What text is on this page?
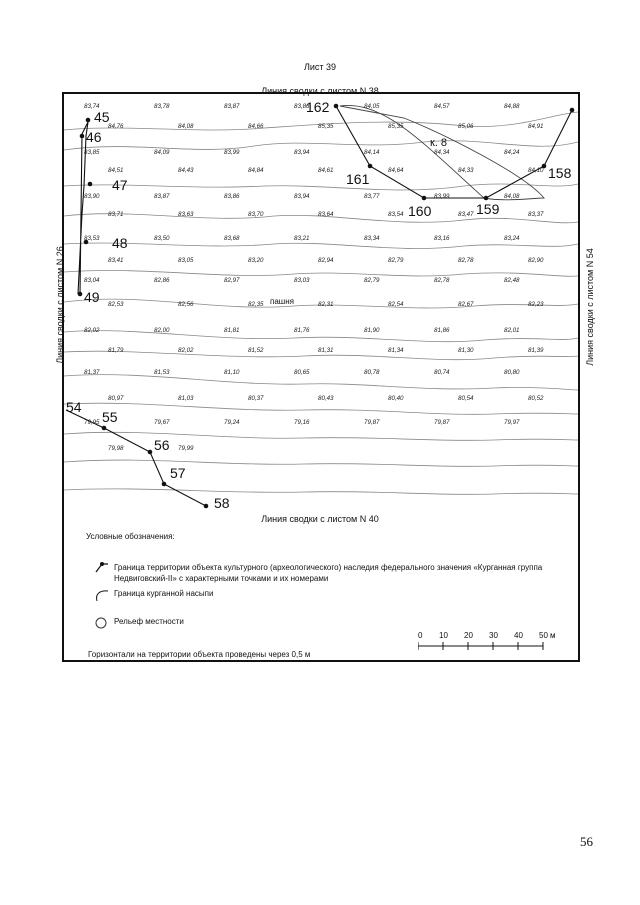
Лист 39
Линия сводки с листом N 38
Линия сводки с листом N 26	Линия сводки с листом N 54
45
46
47
48
49
54
55
56
57
58
158
159
160
161
162
к. 8
пашня
83,74	83,78	83,87	83,86	84,05	84,57	84,88
84,76	84,08	84,66	85,35	85,35	85,06	84,91
83,85	84,09	83,99	83,94	84,14	84,34	84,24
84,51	84,43	84,84	84,61	84,64	84,33	84,10
83,90	83,87	83,86	83,94	83,77	83,99	84,08
83,71	83,63	83,70	83,64	83,54	83,47	83,37
83,53	83,50	83,68	83,21	83,34	83,16	83,24
83,41	83,05	83,20	82,94	82,79	82,78	82,90
83,04	82,86	82,97	83,03	82,79	82,78	82,48
82,53	82,56	82,35	82,31	82,54	82,67	82,23
82,02	82,00	81,81	81,76	81,90	81,86	82,01
81,79	82,02	81,52	81,31	81,34	81,30	81,39
81,37	81,53	81,10	80,65	80,78	80,74	80,80
80,97	81,03	80,37	80,43	80,40	80,54	80,52
79,95	79,67	79,24	79,16	79,87	79,87	79,97
79,98	79,99
Линия сводки с листом N 40
Условные обозначения:
Граница территории объекта культурного (археологического) наследия федерального значения «Курганная группа Недвиговский-II» с характерными точками и их номерами
Граница курганной насыпи
Рельеф местности
0 10 20 30 40 50 м
Горизонтали на территории объекта проведены через 0,5 м
56
